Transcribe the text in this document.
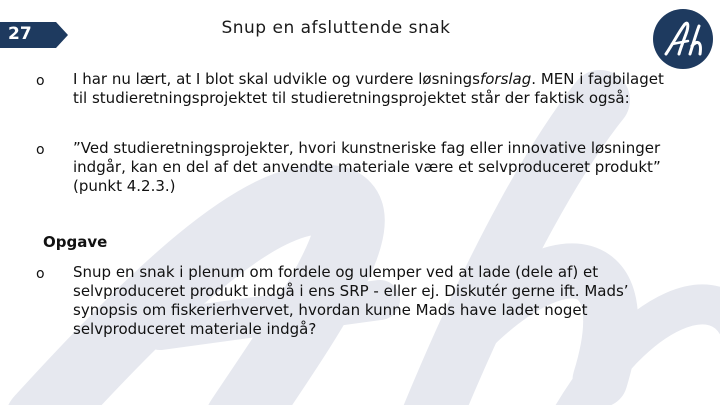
27	Snup en afsluttende snak
o I har nu lært, at I blot skal udvikle og vurdere løsningsforslag. MEN i fagbilaget til studieretningsprojektet til studieretningsprojektet står der faktisk også:
o ”Ved studieretningsprojekter, hvori kunstneriske fag eller innovative løsninger indgår, kan en del af det anvendte materiale være et selvproduceret produkt” (punkt 4.2.3.)
Opgave
o Snup en snak i plenum om fordele og ulemper ved at lade (dele af) et selvproduceret produkt indgå i ens SRP - eller ej. Diskutér gerne ift. Mads’ synopsis om fiskerierhvervet, hvordan kunne Mads have ladet noget selvproduceret materiale indgå?
